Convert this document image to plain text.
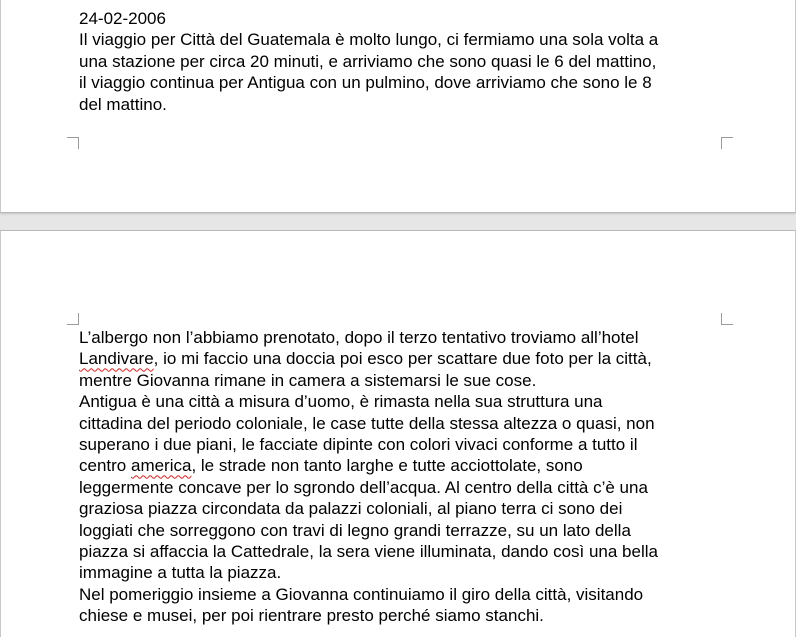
24-02-2006
Il viaggio per Città del Guatemala è molto lungo, ci fermiamo una sola volta a
una stazione per circa 20 minuti, e arriviamo che sono quasi le 6 del mattino,
il viaggio continua per Antigua con un pulmino, dove arriviamo che sono le 8
del mattino.
L’albergo non l’abbiamo prenotato, dopo il terzo tentativo troviamo all’hotel
Landivare, io mi faccio una doccia poi esco per scattare due foto per la città,
mentre Giovanna rimane in camera a sistemarsi le sue cose.
Antigua è una città a misura d’uomo, è rimasta nella sua struttura una
cittadina del periodo coloniale, le case tutte della stessa altezza o quasi, non
superano i due piani, le facciate dipinte con colori vivaci conforme a tutto il
centro america, le strade non tanto larghe e tutte acciottolate, sono
leggermente concave per lo sgrondo dell’acqua. Al centro della città c’è una
graziosa piazza circondata da palazzi coloniali, al piano terra ci sono dei
loggiati che sorreggono con travi di legno grandi terrazze, su un lato della
piazza si affaccia la Cattedrale, la sera viene illuminata, dando così una bella
immagine a tutta la piazza.
Nel pomeriggio insieme a Giovanna continuiamo il giro della città, visitando
chiese e musei, per poi rientrare presto perché siamo stanchi.
